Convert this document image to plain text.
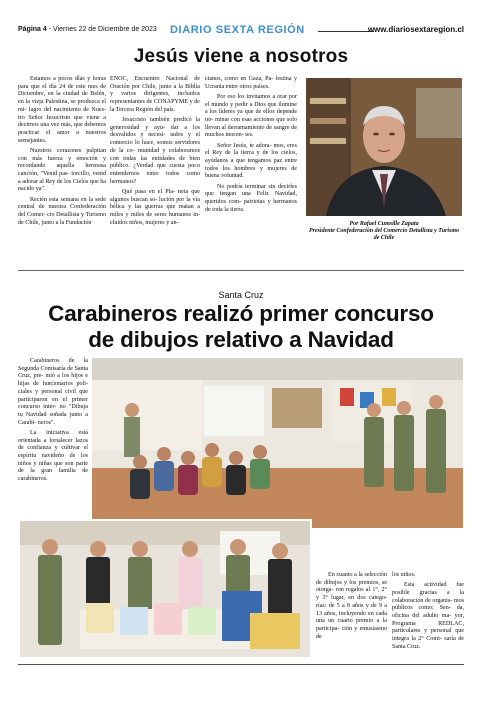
Página 4 - Viernes 22 de Diciembre de 2023 DIARIO SEXTA REGIÓN	www.diariosextaregion.cl
Jesús viene a nosotros

Estamos a pocos días y horas para que el día 24 de este mes de Diciembre, en la ciudad de Belén, en la vieja Palestina, se produzca el mi- lagro del nacimiento de Nues- tro Señor Jesucristo que viene a decirnos una vez más, que debemos practicar el amor a nuestros semejantes.

Nuestros corazones palpitan con más fuerza y emoción y recordando aquella hermosa canción, "Venid pas- torcillo, venid a adorar al Rey de los Cielos que ha nacido ya".

Recién esta semana en la sede central de nuestra Confederación del Comer- cio Detallista y Turismo de Chile, junto a la Fundación

ENOC, Encuentro Nacional de Oración por Chile, junto a la Biblia y varios dirigentes, incluidos representantes de CONAPYME y de la Tercera Región del país.

Jesucristo también predicó la generosidad y ayu- dar a los desvalidos y necesi- tados y el comercio lo hace, somos servidores de la co- munidad y colaboramos con todas las entidades de bien público. ¿Verdad que cuesta poco entendernos entre todos como hermanos?

Qué pasa en el Pla- neta que algunos buscan so- lución por la vía bélica y las guerras que matan a miles y miles de seres humanos in- cluidos niños, mujeres y an-

cianos, como en Gaza, Pa- lestina y Ucrania entre otros países.

Por eso los invitamos a orar por el mundo y pedir a Dios que ilumine a los líderes ya que de ellos depende ter- minar con esas acciones que solo llevan al derramamiento de sangre de muchos inocen- tes.

Señor Jesús, te adora- mos, eres el Rey de la tierra y de los cielos, ayúdanos a que tengamos paz entre todos los hombres y mujeres de buena voluntad.

No podría terminar sin decirles que tengan una Feliz Navidad, queridos com- patriotas y hermanos de toda la tierra.

Por Rafael Cumsille Zapata
Presidente Confederación del Comercio Detallista y Turismo de Chile
Santa Cruz
Carabineros realizó primer concurso
de dibujos relativo a Navidad

Carabineros de la Segunda Comisaría de Santa Cruz, pre- mió a los hijos e hijas de funcionarios poli- ciales y personal civil que participaron en el primer concurso inter- no "Dibuja tu Navidad soñada junto a Carabi- neros".

La iniciativa está orientada a fortalecer lazos de confianza y cultivar el espíritu navideño de los niños y niñas que son parte de la gran familia de carabineros.

En cuanto a la selección de dibujos y los premios, se otorga- ron regalos al 1°, 2° y 3° lugar, en dos catego- rías: de 5 a 8 años y de 9 a 13 años, incluyendo en cada una un cuarto premio a la participa- ción y entusiasmo de

los niños.

Esta actividad fue posible gracias a la colaboración de organis- mos públicos como; Sen- da, oficina del adulto ma- yor, Programa REDLAC, particulares y personal que integra la 2° Comi- saría de Santa Cruz.
